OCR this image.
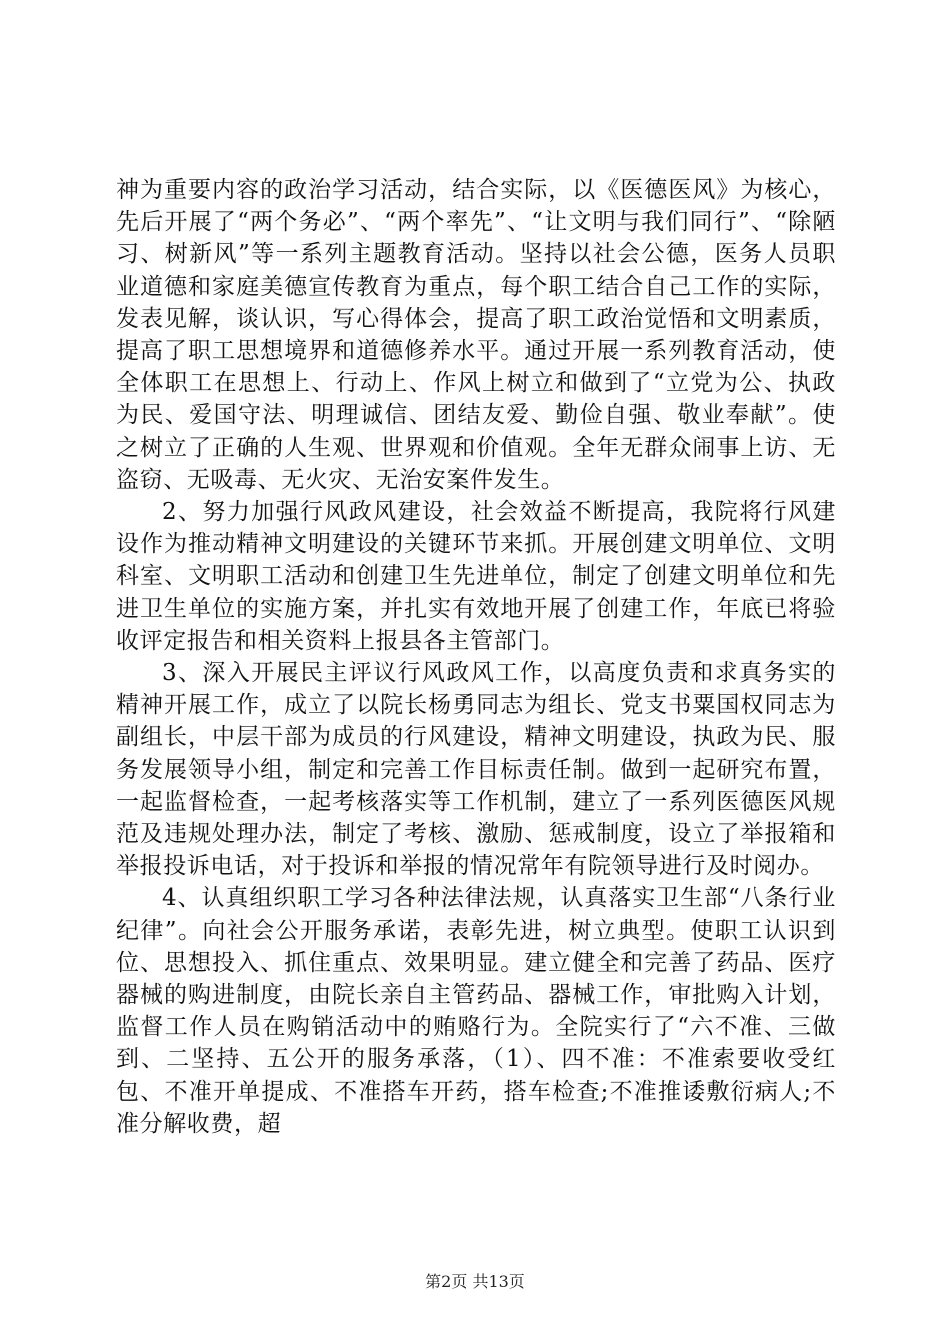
神为重要内容的政治学习活动，结合实际，以《医德医风》为核心，先后开展了“两个务必”、“两个率先”、“让文明与我们同行”、“除陋习、树新风”等一系列主题教育活动。坚持以社会公德，医务人员职业道德和家庭美德宣传教育为重点，每个职工结合自己工作的实际，发表见解，谈认识，写心得体会，提高了职工政治觉悟和文明素质，提高了职工思想境界和道德修养水平。通过开展一系列教育活动，使全体职工在思想上、行动上、作风上树立和做到了“立党为公、执政为民、爱国守法、明理诚信、团结友爱、勤俭自强、敬业奉献”。使之树立了正确的人生观、世界观和价值观。全年无群众闹事上访、无盗窃、无吸毒、无火灾、无治安案件发生。

2、努力加强行风政风建设，社会效益不断提高，我院将行风建设作为推动精神文明建设的关键环节来抓。开展创建文明单位、文明科室、文明职工活动和创建卫生先进单位，制定了创建文明单位和先进卫生单位的实施方案，并扎实有效地开展了创建工作，年底已将验收评定报告和相关资料上报县各主管部门。

3、深入开展民主评议行风政风工作，以高度负责和求真务实的精神开展工作，成立了以院长杨勇同志为组长、党支书粟国权同志为副组长，中层干部为成员的行风建设，精神文明建设，执政为民、服务发展领导小组，制定和完善工作目标责任制。做到一起研究布置，一起监督检查，一起考核落实等工作机制，建立了一系列医德医风规范及违规处理办法，制定了考核、激励、惩戒制度，设立了举报箱和举报投诉电话，对于投诉和举报的情况常年有院领导进行及时阅办。

4、认真组织职工学习各种法律法规，认真落实卫生部“八条行业纪律”。向社会公开服务承诺，表彰先进，树立典型。使职工认识到位、思想投入、抓住重点、效果明显。建立健全和完善了药品、医疗器械的购进制度，由院长亲自主管药品、器械工作，审批购入计划，监督工作人员在购销活动中的贿赂行为。全院实行了“六不准、三做到、二坚持、五公开的服务承落，（1）、四不准：不准索要收受红包、不准开单提成、不准搭车开药，搭车检查;不准推诿敷衍病人;不准分解收费，超

第2页 共13页
